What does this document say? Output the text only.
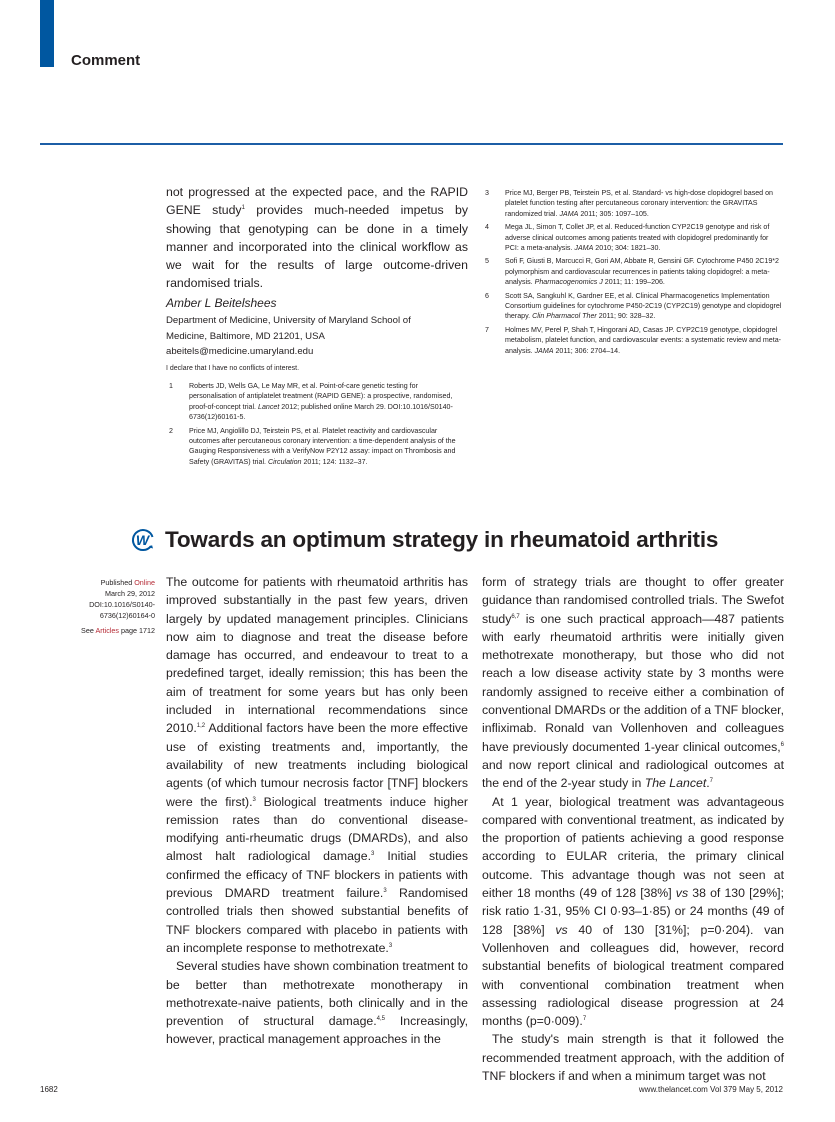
Comment

not progressed at the expected pace, and the RAPID GENE study$^1$ provides much-needed impetus by showing that genotyping can be done in a timely manner and incorporated into the clinical workflow as we wait for the results of large outcome-driven randomised trials.

Amber L Beitelshees
Department of Medicine, University of Maryland School of
Medicine, Baltimore, MD 21201, USA
abeitels@medicine.umaryland.edu
I declare that I have no conflicts of interest.
1	Roberts JD, Wells GA, Le May MR, et al. Point-of-care genetic testing for personalisation of antiplatelet treatment (RAPID GENE): a prospective, randomised, proof-of-concept trial. Lancet 2012; published online March 29. DOI:10.1016/S0140-6736(12)60161-5.
2	Price MJ, Angiolillo DJ, Teirstein PS, et al. Platelet reactivity and cardiovascular outcomes after percutaneous coronary intervention: a time-dependent analysis of the Gauging Responsiveness with a VerifyNow P2Y12 assay: impact on Thrombosis and Safety (GRAVITAS) trial. Circulation 2011; 124: 1132–37.
3	Price MJ, Berger PB, Teirstein PS, et al. Standard- vs high-dose clopidogrel based on platelet function testing after percutaneous coronary intervention: the GRAVITAS randomized trial. JAMA 2011; 305: 1097–105.
4	Mega JL, Simon T, Collet JP, et al. Reduced-function CYP2C19 genotype and risk of adverse clinical outcomes among patients treated with clopidogrel predominantly for PCI: a meta-analysis. JAMA 2010; 304: 1821–30.
5	Sofi F, Giusti B, Marcucci R, Gori AM, Abbate R, Gensini GF. Cytochrome P450 2C19*2 polymorphism and cardiovascular recurrences in patients taking clopidogrel: a meta-analysis. Pharmacogenomics J 2011; 11: 199–206.
6	Scott SA, Sangkuhl K, Gardner EE, et al. Clinical Pharmacogenetics Implementation Consortium guidelines for cytochrome P450-2C19 (CYP2C19) genotype and clopidogrel therapy. Clin Pharmacol Ther 2011; 90: 328–32.
7	Holmes MV, Perel P, Shah T, Hingorani AD, Casas JP. CYP2C19 genotype, clopidogrel metabolism, platelet function, and cardiovascular events: a systematic review and meta-analysis. JAMA 2011; 306: 2704–14.
W Towards an optimum strategy in rheumatoid arthritis
Published Online
March 29, 2012
DOI:10.1016/S0140-
6736(12)60164-0
See Articles page 1712

The outcome for patients with rheumatoid arthritis has improved substantially in the past few years, driven largely by updated management principles. Clinicians now aim to diagnose and treat the disease before damage has occurred, and endeavour to treat to a predefined target, ideally remission; this has been the aim of treatment for some years but has only been included in international recommendations since 2010.$^{1,2}$ Additional factors have been the more effective use of existing treatments and, importantly, the availability of new treatments including biological agents (of which tumour necrosis factor [TNF] blockers were the first).$^3$ Biological treatments induce higher remission rates than do conventional disease-modifying anti-rheumatic drugs (DMARDs), and also almost halt radiological damage.$^3$ Initial studies confirmed the efficacy of TNF blockers in patients with previous DMARD treatment failure.$^3$ Randomised controlled trials then showed substantial benefits of TNF blockers compared with placebo in patients with an incomplete response to methotrexate.$^3$

Several studies have shown combination treatment to be better than methotrexate monotherapy in methotrexate-naive patients, both clinically and in the prevention of structural damage.$^{4,5}$ Increasingly, however, practical management approaches in the

form of strategy trials are thought to offer greater guidance than randomised controlled trials. The Swefot study$^{6,7}$ is one such practical approach—487 patients with early rheumatoid arthritis were initially given methotrexate monotherapy, but those who did not reach a low disease activity state by 3 months were randomly assigned to receive either a combination of conventional DMARDs or the addition of a TNF blocker, infliximab. Ronald van Vollenhoven and colleagues have previously documented 1-year clinical outcomes,$^6$ and now report clinical and radiological outcomes at the end of the 2-year study in The Lancet.$^7$

At 1 year, biological treatment was advantageous compared with conventional treatment, as indicated by the proportion of patients achieving a good response according to EULAR criteria, the primary clinical outcome. This advantage though was not seen at either 18 months (49 of 128 [38%] vs 38 of 130 [29%]; risk ratio 1·31, 95% CI 0·93–1·85) or 24 months (49 of 128 [38%] vs 40 of 130 [31%]; p=0·204). van Vollenhoven and colleagues did, however, record substantial benefits of biological treatment compared with conventional combination treatment when assessing radiological disease progression at 24 months (p=0·009).$^7$

The study's main strength is that it followed the recommended treatment approach, with the addition of TNF blockers if and when a minimum target was not

1682	www.thelancet.com Vol 379 May 5, 2012
